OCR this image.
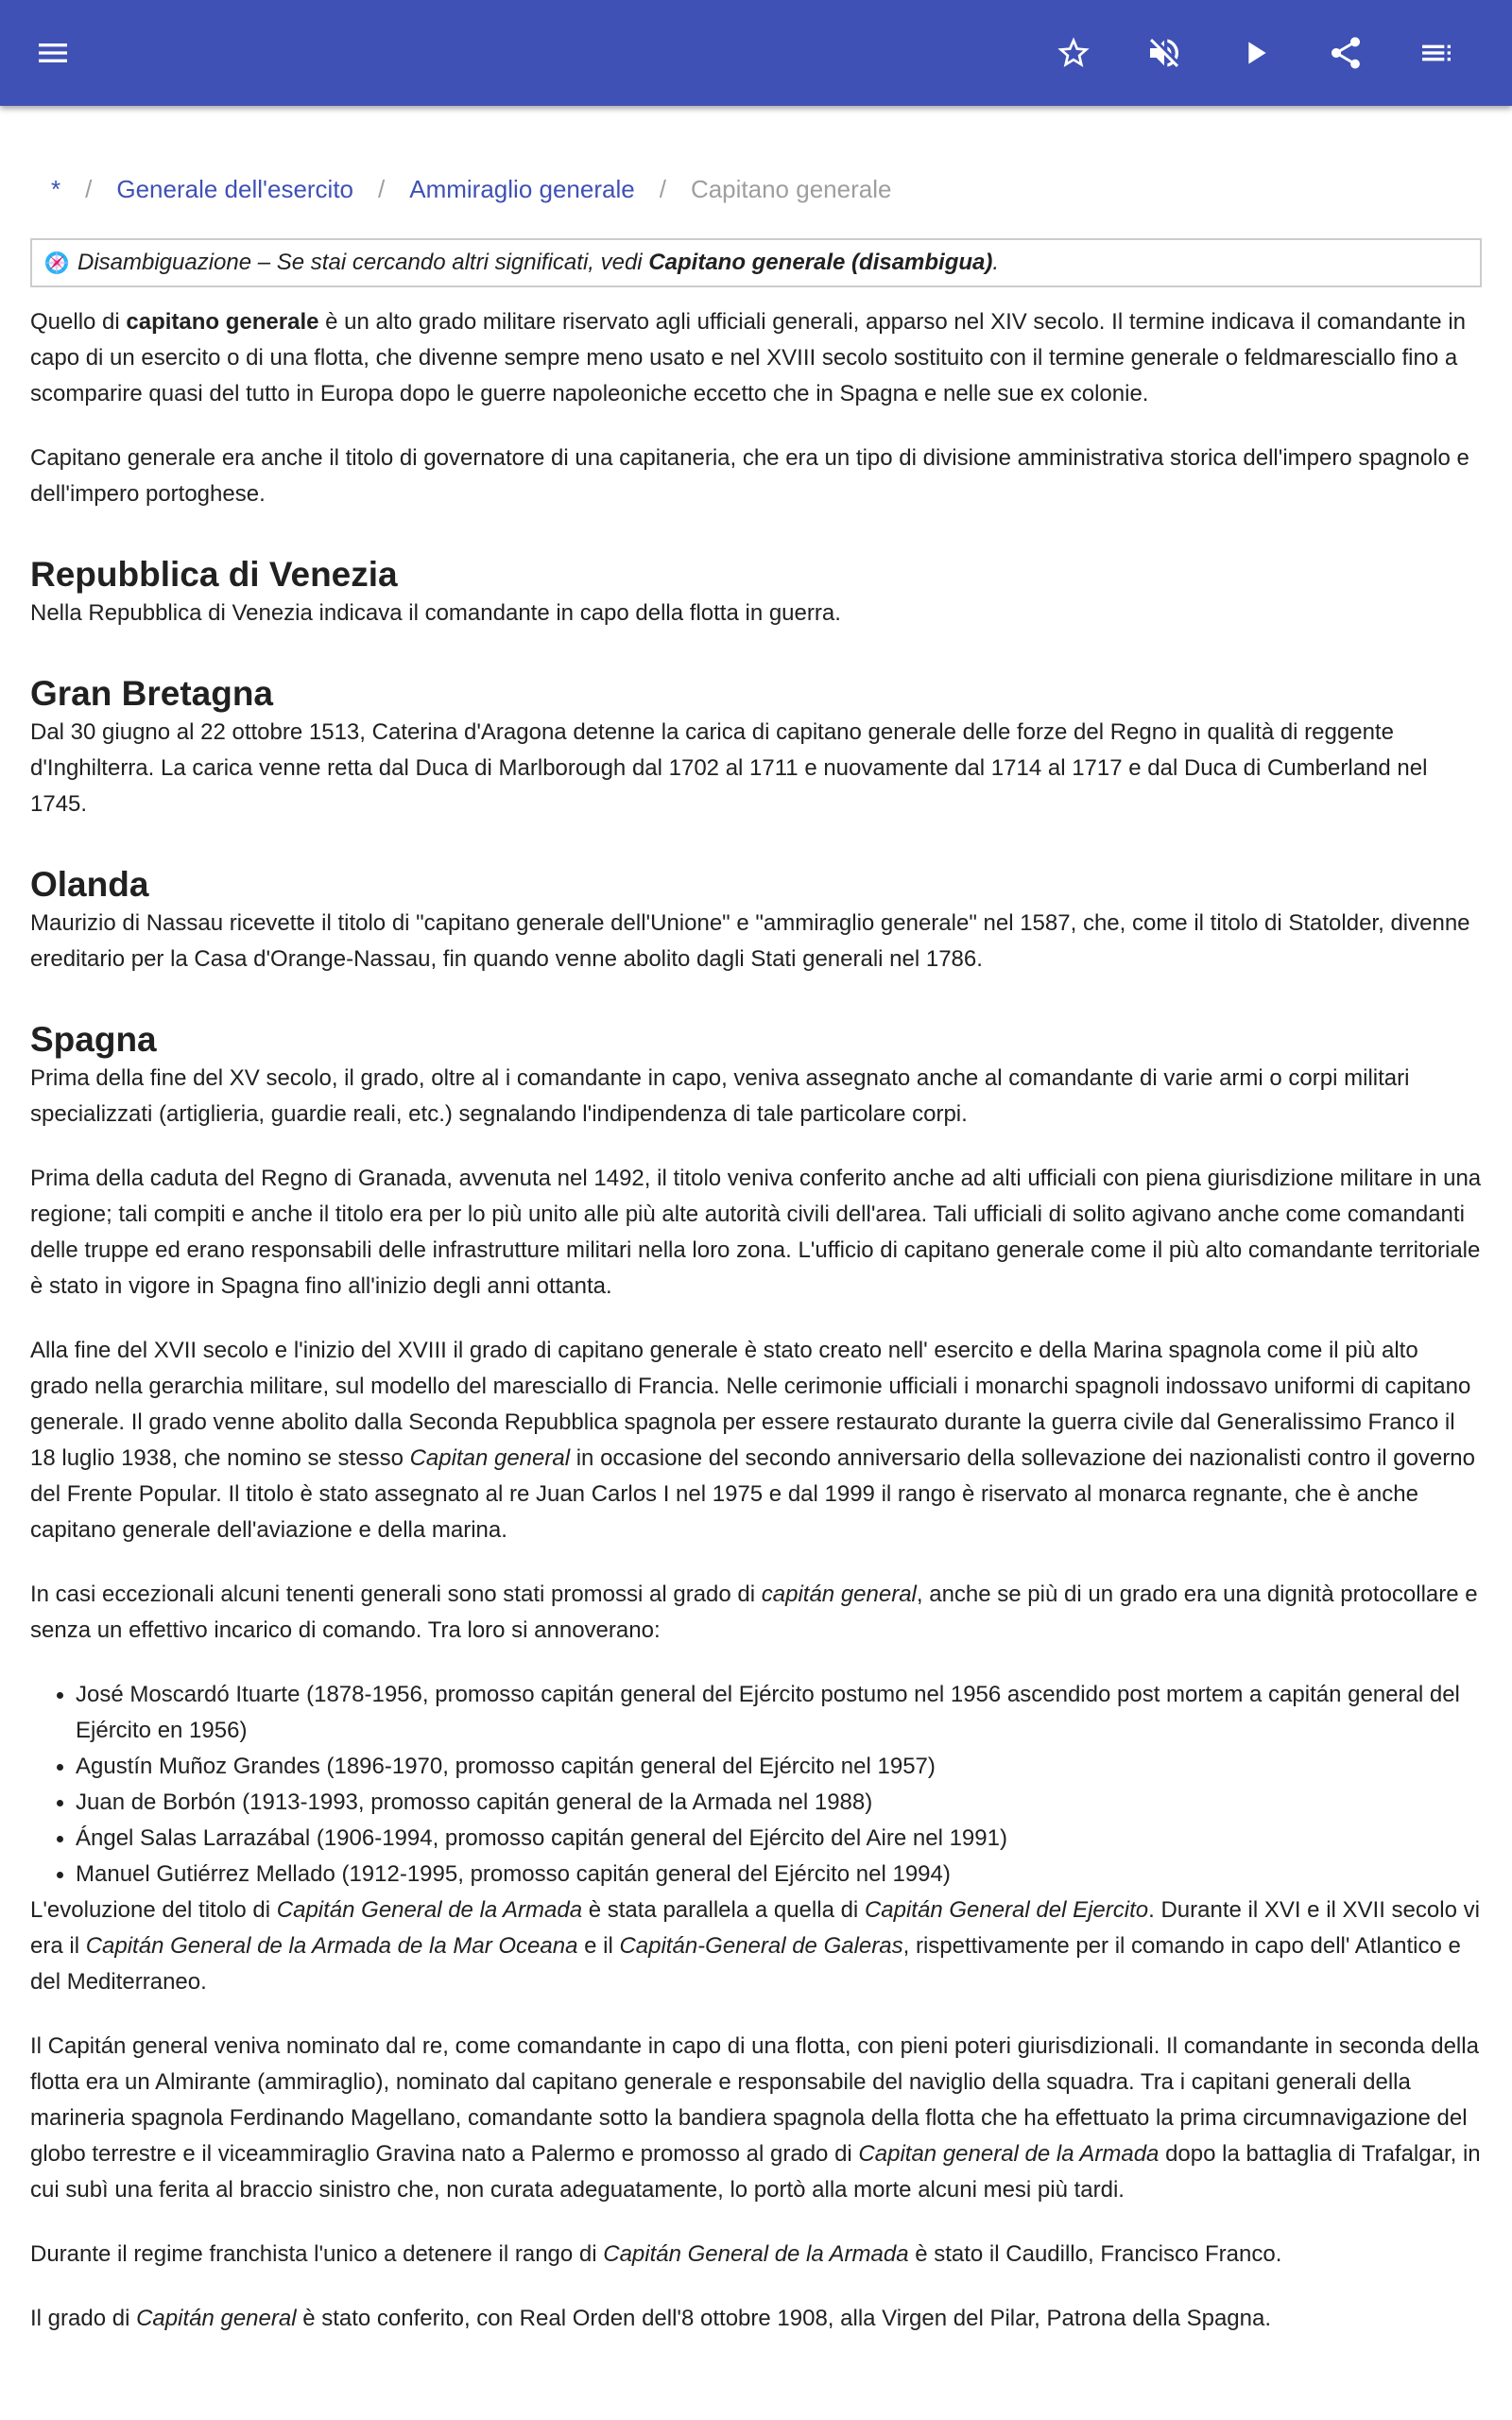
* / Generale dell'esercito / Ammiraglio generale / Capitano generale
Disambiguazione – Se stai cercando altri significati, vedi Capitano generale (disambigua).

Quello di capitano generale è un alto grado militare riservato agli ufficiali generali, apparso nel XIV secolo. Il termine indicava il comandante in capo di un esercito o di una flotta, che divenne sempre meno usato e nel XVIII secolo sostituito con il termine generale o feldmaresciallo fino a scomparire quasi del tutto in Europa dopo le guerre napoleoniche eccetto che in Spagna e nelle sue ex colonie.

Capitano generale era anche il titolo di governatore di una capitaneria, che era un tipo di divisione amministrativa storica dell'impero spagnolo e dell'impero portoghese.

Repubblica di Venezia

Nella Repubblica di Venezia indicava il comandante in capo della flotta in guerra.

Gran Bretagna

Dal 30 giugno al 22 ottobre 1513, Caterina d'Aragona detenne la carica di capitano generale delle forze del Regno in qualità di reggente d'Inghilterra. La carica venne retta dal Duca di Marlborough dal 1702 al 1711 e nuovamente dal 1714 al 1717 e dal Duca di Cumberland nel 1745.

Olanda

Maurizio di Nassau ricevette il titolo di "capitano generale dell'Unione" e "ammiraglio generale" nel 1587, che, come il titolo di Statolder, divenne ereditario per la Casa d'Orange-Nassau, fin quando venne abolito dagli Stati generali nel 1786.

Spagna

Prima della fine del XV secolo, il grado, oltre al i comandante in capo, veniva assegnato anche al comandante di varie armi o corpi militari specializzati (artiglieria, guardie reali, etc.) segnalando l'indipendenza di tale particolare corpi.

Prima della caduta del Regno di Granada, avvenuta nel 1492, il titolo veniva conferito anche ad alti ufficiali con piena giurisdizione militare in una regione; tali compiti e anche il titolo era per lo più unito alle più alte autorità civili dell'area. Tali ufficiali di solito agivano anche come comandanti delle truppe ed erano responsabili delle infrastrutture militari nella loro zona. L'ufficio di capitano generale come il più alto comandante territoriale è stato in vigore in Spagna fino all'inizio degli anni ottanta.

Alla fine del XVII secolo e l'inizio del XVIII il grado di capitano generale è stato creato nell' esercito e della Marina spagnola come il più alto grado nella gerarchia militare, sul modello del maresciallo di Francia. Nelle cerimonie ufficiali i monarchi spagnoli indossavo uniformi di capitano generale. Il grado venne abolito dalla Seconda Repubblica spagnola per essere restaurato durante la guerra civile dal Generalissimo Franco il 18 luglio 1938, che nomino se stesso Capitan general in occasione del secondo anniversario della sollevazione dei nazionalisti contro il governo del Frente Popular. Il titolo è stato assegnato al re Juan Carlos I nel 1975 e dal 1999 il rango è riservato al monarca regnante, che è anche capitano generale dell'aviazione e della marina.

In casi eccezionali alcuni tenenti generali sono stati promossi al grado di capitán general, anche se più di un grado era una dignità protocollare e senza un effettivo incarico di comando. Tra loro si annoverano:

• José Moscardó Ituarte (1878-1956, promosso capitán general del Ejército postumo nel 1956 ascendido post mortem a capitán general del Ejército en 1956)
• Agustín Muñoz Grandes (1896-1970, promosso capitán general del Ejército nel 1957)
• Juan de Borbón (1913-1993, promosso capitán general de la Armada nel 1988)
• Ángel Salas Larrazábal (1906-1994, promosso capitán general del Ejército del Aire nel 1991)
• Manuel Gutiérrez Mellado (1912-1995, promosso capitán general del Ejército nel 1994)

L'evoluzione del titolo di Capitán General de la Armada è stata parallela a quella di Capitán General del Ejercito. Durante il XVI e il XVII secolo vi era il Capitán General de la Armada de la Mar Oceana e il Capitán-General de Galeras, rispettivamente per il comando in capo dell' Atlantico e del Mediterraneo.

Il Capitán general veniva nominato dal re, come comandante in capo di una flotta, con pieni poteri giurisdizionali. Il comandante in seconda della flotta era un Almirante (ammiraglio), nominato dal capitano generale e responsabile del naviglio della squadra. Tra i capitani generali della marineria spagnola Ferdinando Magellano, comandante sotto la bandiera spagnola della flotta che ha effettuato la prima circumnavigazione del globo terrestre e il viceammiraglio Gravina nato a Palermo e promosso al grado di Capitan general de la Armada dopo la battaglia di Trafalgar, in cui subì una ferita al braccio sinistro che, non curata adeguatamente, lo portò alla morte alcuni mesi più tardi.

Durante il regime franchista l'unico a detenere il rango di Capitán General de la Armada è stato il Caudillo, Francisco Franco.

Il grado di Capitán general è stato conferito, con Real Orden dell'8 ottobre 1908, alla Virgen del Pilar, Patrona della Spagna.
